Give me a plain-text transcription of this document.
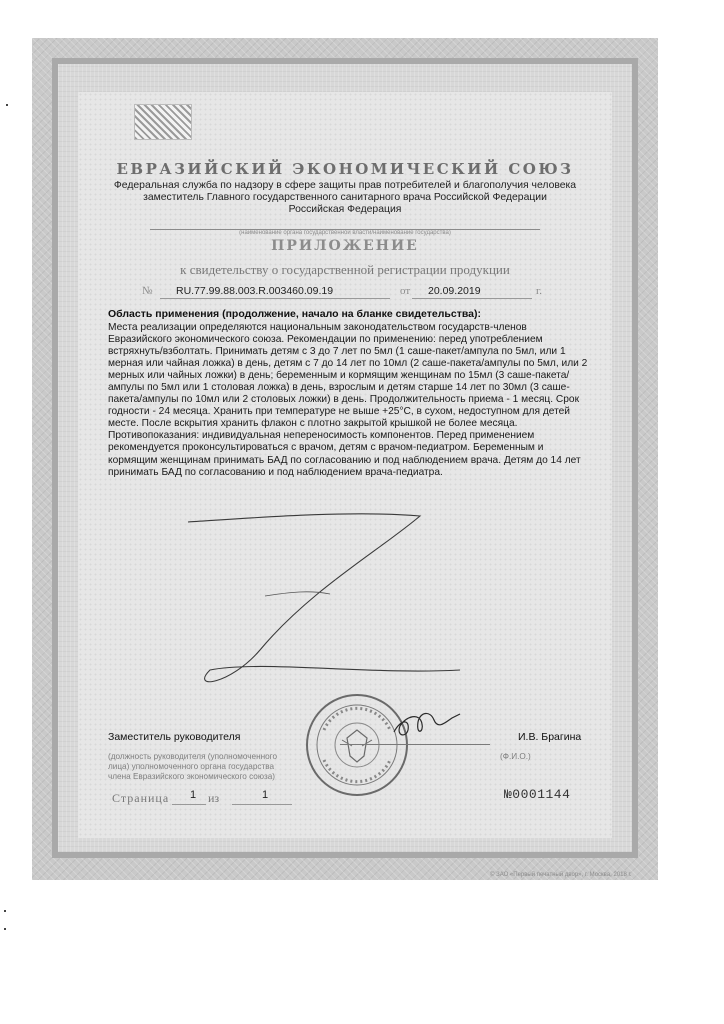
ЕВРАЗИЙСКИЙ ЭКОНОМИЧЕСКИЙ СОЮЗ

Федеральная служба по надзору в сфере защиты прав потребителей и благополучия человека
заместитель Главного государственного санитарного врача Российской Федерации
Российская Федерация

(наименование органа государственной власти/наименование государства)

ПРИЛОЖЕНИЕ

к свидетельству о государственной регистрации продукции

№ RU.77.99.88.003.R.003460.09.19	от 20.09.2019	г.

Область применения (продолжение, начало на бланке свидетельства):

Места реализации определяются национальным законодательством государств-членов Евразийского экономического союза. Рекомендации по применению: перед употреблением встряхнуть/взболтать. Принимать детям с 3 до 7 лет по 5мл (1 саше-пакет/ампула по 5мл, или 1 мерная или чайная ложка) в день, детям с 7 до 14 лет по 10мл (2 саше-пакета/ампулы по 5мл, или 2 мерных или чайных ложки) в день; беременным и кормящим женщинам по 15мл (3 саше-пакета/ампулы по 5мл или 1 столовая ложка) в день, взрослым и детям старше 14 лет по 30мл (3 саше-пакета/ампулы по 10мл или 2 столовых ложки) в день. Продолжительность приема - 1 месяц. Срок годности - 24 месяца. Хранить при температуре не выше +25°С, в сухом, недоступном для детей месте. После вскрытия хранить флакон с плотно закрытой крышкой не более месяца. Противопоказания: индивидуальная непереносимость компонентов. Перед применением рекомендуется проконсультироваться с врачом, детям с врачом-педиатром. Беременным и кормящим женщинам принимать БАД по согласованию и под наблюдением врача. Детям до 14 лет принимать БАД по согласованию и под наблюдением врача-педиатра.

Заместитель руководителя	И.В. Брагина

(должность руководителя (уполномоченного
лица) уполномоченного органа государства
члена Евразийского экономического союза)

(Ф.И.О.)

Страница 1 из	1	№0001144

© ЗАО «Первый печатный двор», г. Москва, 2018 г.
